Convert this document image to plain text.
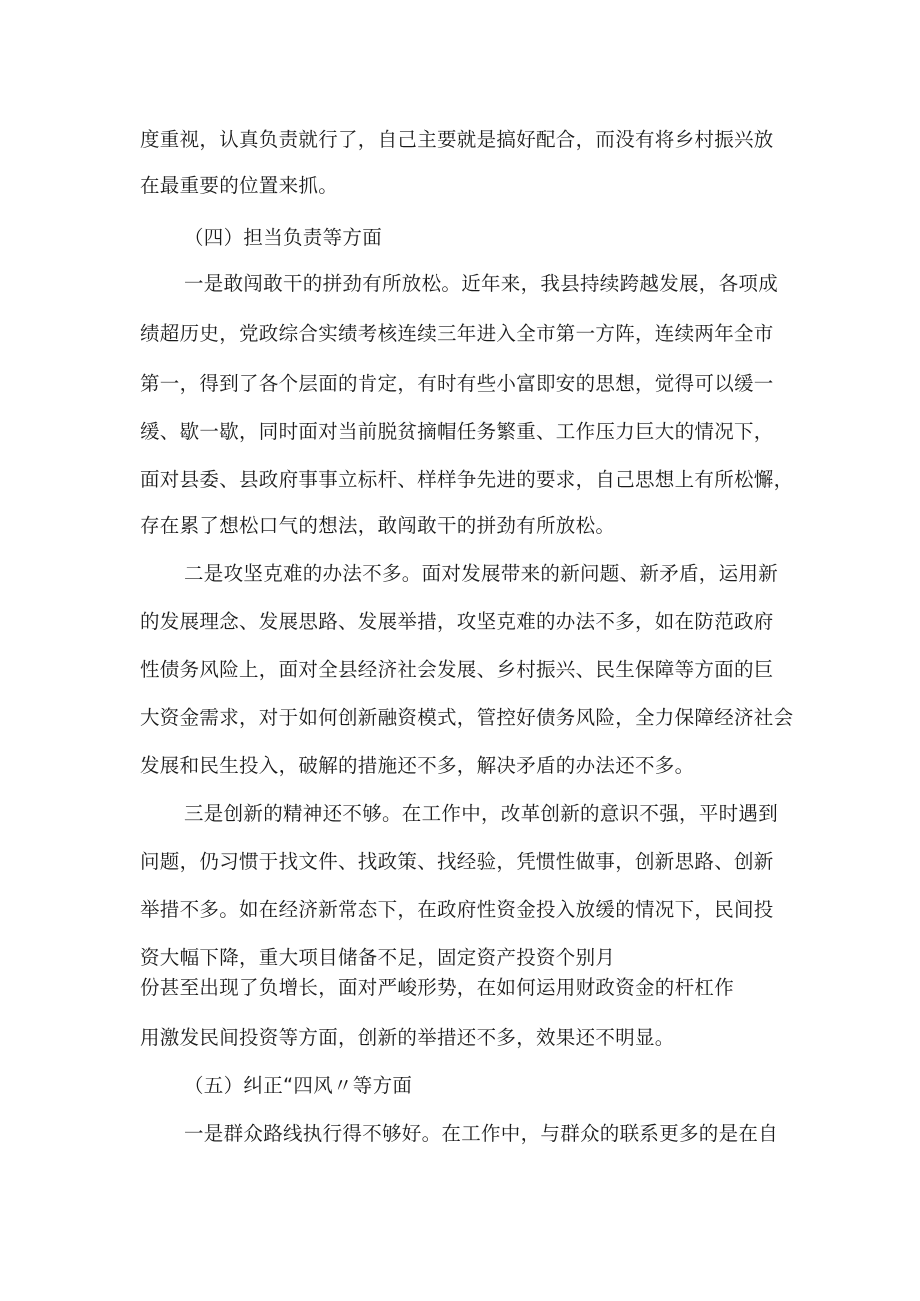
度重视，认真负责就行了，自己主要就是搞好配合，而没有将乡村振兴放
在最重要的位置来抓。
（四）担当负责等方面
一是敢闯敢干的拼劲有所放松。近年来，我县持续跨越发展，各项成
绩超历史，党政综合实绩考核连续三年进入全市第一方阵，连续两年全市
第一，得到了各个层面的肯定，有时有些小富即安的思想，觉得可以缓一
缓、歇一歇，同时面对当前脱贫摘帽任务繁重、工作压力巨大的情况下，
面对县委、县政府事事立标杆、样样争先进的要求，自己思想上有所松懈，
存在累了想松口气的想法，敢闯敢干的拼劲有所放松。
二是攻坚克难的办法不多。面对发展带来的新问题、新矛盾，运用新
的发展理念、发展思路、发展举措，攻坚克难的办法不多，如在防范政府
性债务风险上，面对全县经济社会发展、乡村振兴、民生保障等方面的巨
大资金需求，对于如何创新融资模式，管控好债务风险，全力保障经济社会
发展和民生投入，破解的措施还不多，解决矛盾的办法还不多。
三是创新的精神还不够。在工作中，改革创新的意识不强，平时遇到
问题，仍习惯于找文件、找政策、找经验，凭惯性做事，创新思路、创新
举措不多。如在经济新常态下，在政府性资金投入放缓的情况下，民间投
资大幅下降，重大项目储备不足，固定资产投资个别月
份甚至出现了负增长，面对严峻形势，在如何运用财政资金的杆杠作
用激发民间投资等方面，创新的举措还不多，效果还不明显。
（五）纠正“四风〃等方面
一是群众路线执行得不够好。在工作中，与群众的联系更多的是在自
